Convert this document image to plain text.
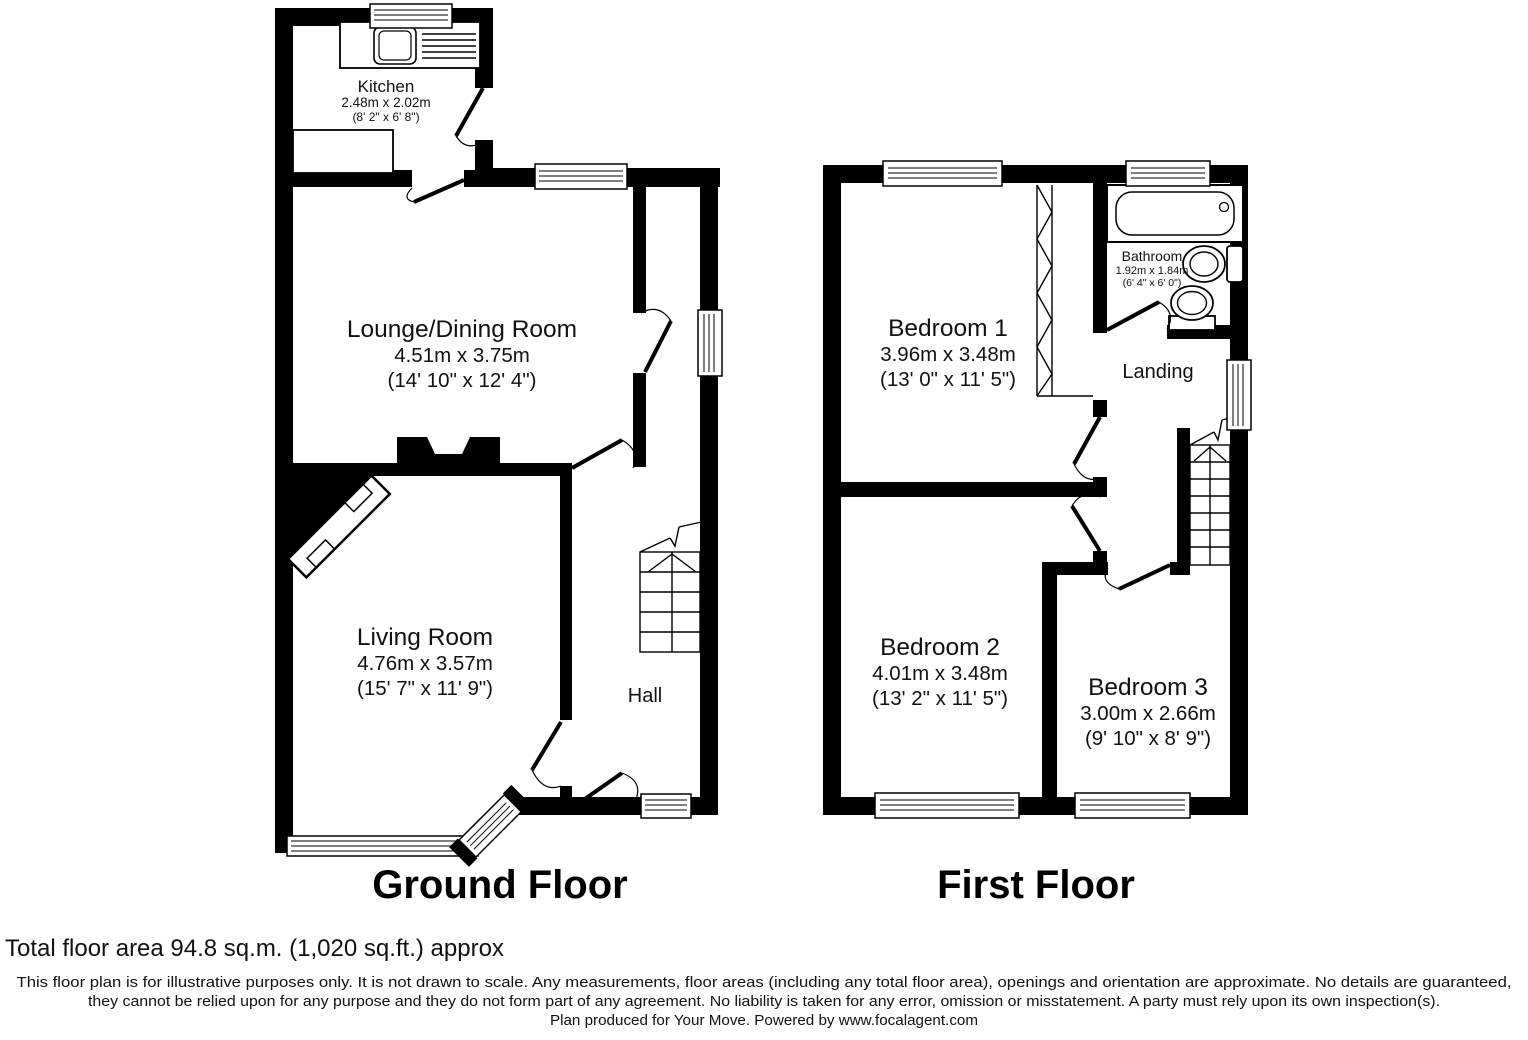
Kitchen
2.48m x 2.02m
(8' 2" x 6' 8")
Lounge/Dining Room
4.51m x 3.75m
(14' 10" x 12' 4")
Living Room
4.76m x 3.57m
(15' 7" x 11' 9")	Hall
Bedroom 1
3.96m x 3.48m
(13' 0" x 11' 5")
Bedroom 2
4.01m x 3.48m
(13' 2" x 11' 5")	Bedroom 3
3.00m x 2.66m
(9' 10" x 8' 9")
Bathroom
1.92m x 1.84m
(6' 4" x 6' 0")
Landing
Ground Floor	First Floor
Total floor area 94.8 sq.m. (1,020 sq.ft.) approx
This floor plan is for illustrative purposes only. It is not drawn to scale. Any measurements, floor areas (including any total floor area), openings and orientation are approximate. No details are guaranteed,
they cannot be relied upon for any purpose and they do not form part of any agreement. No liability is taken for any error, omission or misstatement. A party must rely upon its own inspection(s).
Plan produced for Your Move. Powered by www.focalagent.com
